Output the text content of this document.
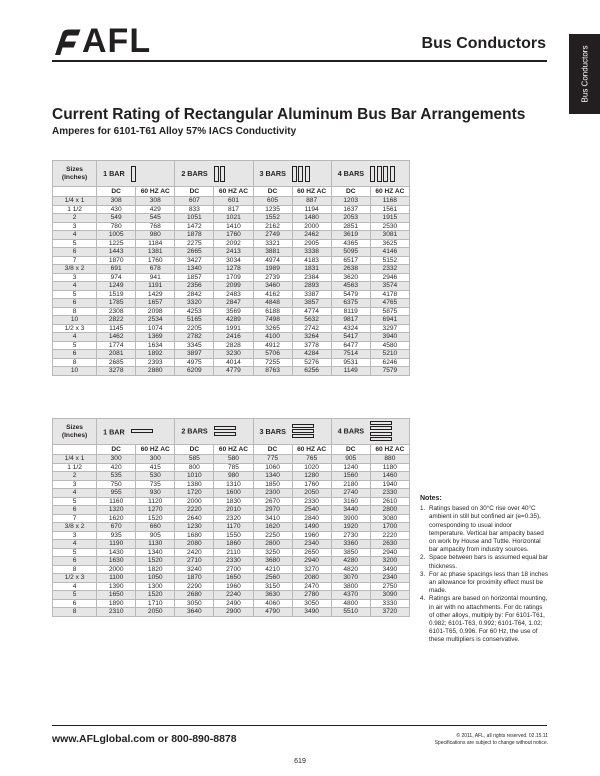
AFL	Bus Conductors
Bus Conductors
Current Rating of Rectangular Aluminum Bus Bar Arrangements
Amperes for 6101-T61 Alloy 57% IACS Conductivity
Sizes (Inches)	1 BAR		2 BARS		3 BARS		4 BARS	
	DC	60 HZ AC	DC	60 HZ AC	DC	60 HZ AC	DC	60 HZ AC
1/4 x 1	308	308	607	601	605	887	1203	1168
1 1/2	430	429	833	817	1235	1194	1637	1561
2	549	545	1051	1021	1552	1480	2053	1915
3	780	768	1472	1410	2162	2000	2851	2530
4	1005	980	1878	1760	2749	2462	3619	3081
5	1225	1184	2275	2092	3321	2905	4365	3625
6	1443	1381	2665	2413	3881	3338	5095	4146
7	1870	1760	3427	3034	4974	4183	6517	5152
3/8 x 2	691	678	1340	1278	1989	1831	2638	2332
3	974	941	1857	1709	2739	2384	3620	2946
4	1249	1191	2356	2099	3460	2893	4563	3574
5	1519	1429	2842	2483	4162	3387	5479	4178
6	1785	1657	3320	2847	4848	3857	6375	4765
8	2308	2098	4253	3569	6188	4774	8119	5875
10	2822	2534	5165	4289	7498	5632	9817	6941
1/2 x 3	1145	1074	2205	1991	3265	2742	4324	3297
4	1462	1369	2782	2416	4100	3264	5417	3940
5	1774	1634	3345	2828	4912	3778	6477	4580
6	2081	1892	3897	3230	5706	4284	7514	5210
8	2685	2393	4975	4014	7255	5276	9531	6246
10	3278	2880	6209	4779	8763	6256	1149	7579
Sizes (Inches)	1 BAR		2 BARS		3 BARS		4 BARS	

	DC	60 HZ AC	DC	60 HZ AC	DC	60 HZ AC	DC	60 HZ AC
1/4 x 1	300	300	585	580	775	765	905	880
1 1/2	420	415	800	785	1060	1020	1240	1180
2	535	530	1010	980	1340	1280	1560	1460
3	750	735	1380	1310	1850	1760	2180	1940
4	955	930	1720	1600	2300	2050	2740	2330
5	1160	1120	2000	1830	2670	2330	3160	2610
6	1320	1270	2220	2010	2970	2540	3440	2800
7	1620	1520	2640	2320	3410	2840	3900	3080
3/8 x 2	670	660	1230	1170	1620	1490	1920	1700
3	935	905	1680	1550	2250	1960	2730	2220
4	1190	1130	2080	1860	2800	2340	3360	2630
5	1430	1340	2420	2110	3250	2650	3850	2940
6	1630	1520	2710	2330	3680	2940	4280	3200
8	2000	1820	3240	2700	4210	3270	4820	3490
1/2 x 3	1100	1050	1870	1650	2560	2080	3070	2340
4	1390	1300	2290	1960	3150	2470	3800	2750
5	1650	1520	2680	2240	3630	2780	4370	3090
6	1890	1710	3050	2490	4060	3050	4800	3330
8	2310	2050	3640	2900	4790	3490	5510	3720
Notes:
1. Ratings based on 30°C rise over 40°C ambient in still but confined air (e=0.35), corresponding to usual indoor temperature. Vertical bar ampacity based on work by House and Tuttle. Horizontal bar ampacity from industry sources.
2. Space between bars is assumed equal bar thickness.
3. For ac phase spacings less than 18 inches an allowance for proximity effect must be made.
4. Ratings are based on horizontal mounting, in air with no attachments. For dc ratings of other alloys, multiply by: For 6101-T61, 0.982; 6101-T63, 0.992; 6101-T64, 1.02; 6101-T65, 0.996. For 60 Hz, the use of these multipliers is conservative.
www.AFLglobal.com or 800-890-8878	© 2011, AFL, all rights reserved. 02.15.11
Specifications are subject to change without notice.
619
